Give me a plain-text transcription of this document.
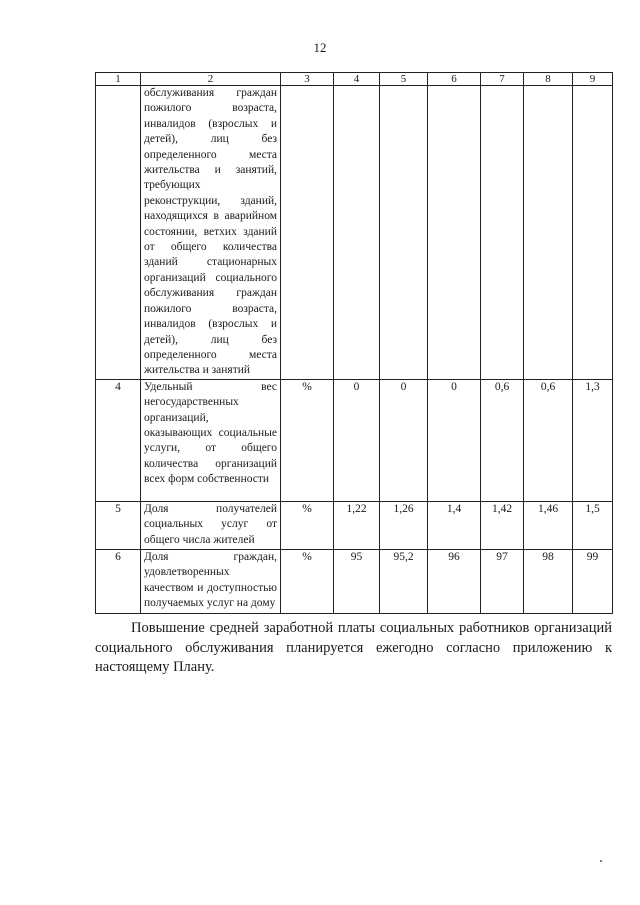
12
1	2	3	4	5	6	7	8	9
	обслуживания граждан пожилого возраста, инвалидов (взрослых и детей), лиц без определенного места жительства и занятий, требующих реконструкции, зданий, находящихся в аварийном состоянии, ветхих зданий от общего количества зданий стационарных организаций социального обслуживания граждан пожилого возраста, инвалидов (взрослых и детей), лиц без определенного места жительства и занятий							
4	Удельный вес негосударственных организаций, оказывающих социальные услуги, от общего количества организаций всех форм собственности	%	0	0	0	0,6	0,6	1,3
5	Доля получателей социальных услуг от общего числа жителей	%	1,22	1,26	1,4	1,42	1,46	1,5
6	Доля граждан, удовлетворенных качеством и доступностью получаемых услуг на дому	%	95	95,2	96	97	98	99

Повышение средней заработной платы социальных работников организаций социального обслуживания планируется ежегодно согласно приложению к настоящему Плану.
